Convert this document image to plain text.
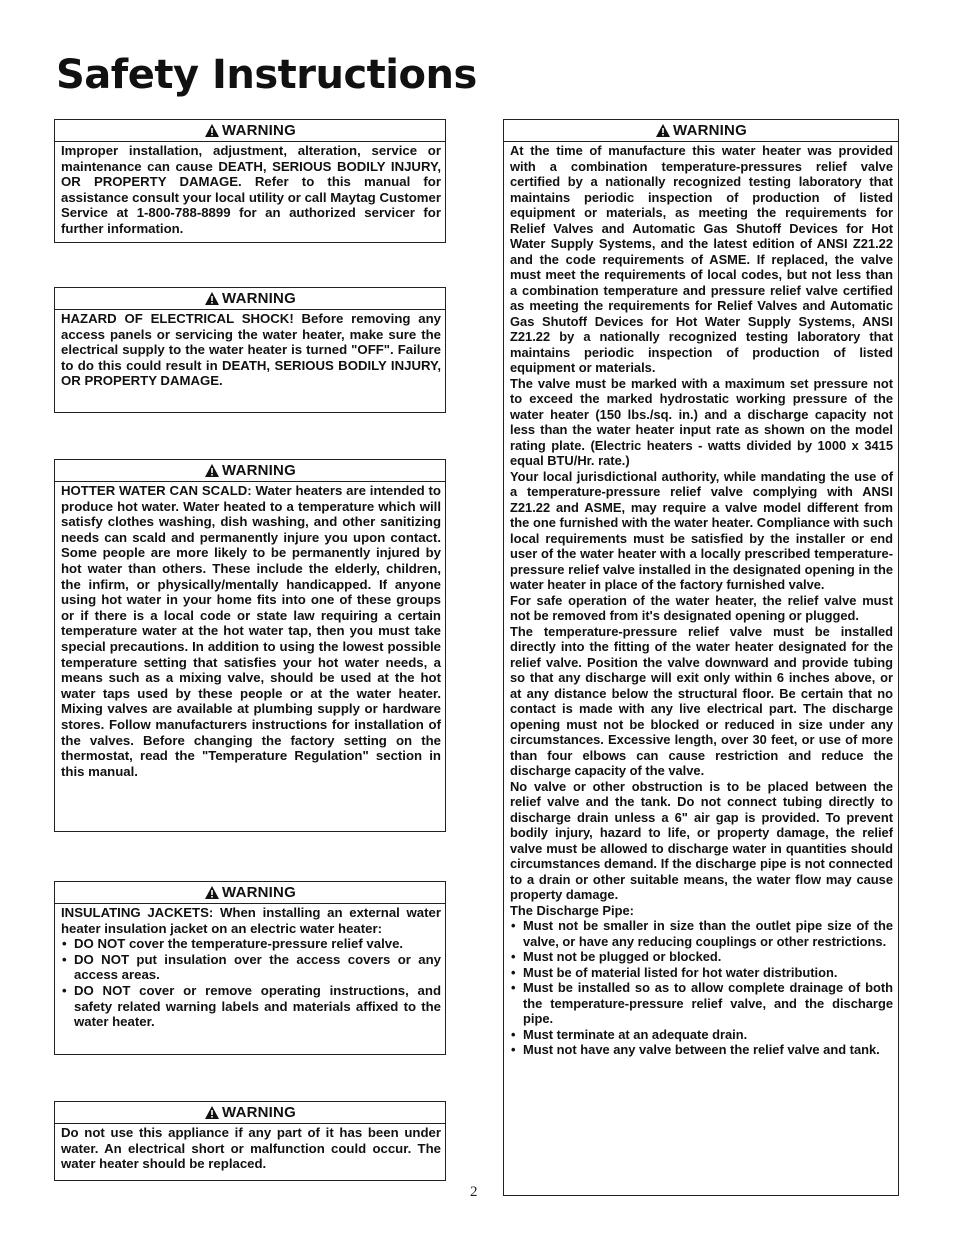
Safety Instructions
WARNING

Improper installation, adjustment, alteration, service or maintenance can cause DEATH, SERIOUS BODILY INJURY, OR PROPERTY DAMAGE. Refer to this manual for assistance consult your local utility or call Maytag Customer Service at 1-800-788-8899 for an authorized servicer for further information.

WARNING

HAZARD OF ELECTRICAL SHOCK! Before removing any access panels or servicing the water heater, make sure the electrical supply to the water heater is turned "OFF". Failure to do this could result in DEATH, SERIOUS BODILY INJURY, OR PROPERTY DAMAGE.

WARNING

HOTTER WATER CAN SCALD: Water heaters are intended to produce hot water. Water heated to a temperature which will satisfy clothes washing, dish washing, and other sanitizing needs can scald and permanently injure you upon contact. Some people are more likely to be permanently injured by hot water than others. These include the elderly, children, the infirm, or physically/mentally handicapped. If anyone using hot water in your home fits into one of these groups or if there is a local code or state law requiring a certain temperature water at the hot water tap, then you must take special precautions. In addition to using the lowest possible temperature setting that satisfies your hot water needs, a means such as a mixing valve, should be used at the hot water taps used by these people or at the water heater. Mixing valves are available at plumbing supply or hardware stores. Follow manufacturers instructions for installation of the valves. Before changing the factory setting on the thermostat, read the "Temperature Regulation" section in this manual.

WARNING

INSULATING JACKETS: When installing an external water heater insulation jacket on an electric water heater:

• DO NOT cover the temperature-pressure relief valve.
• DO NOT put insulation over the access covers or any access areas.
• DO NOT cover or remove operating instructions, and safety related warning labels and materials affixed to the water heater.
WARNING

Do not use this appliance if any part of it has been under water. An electrical short or malfunction could occur. The water heater should be replaced.

WARNING

At the time of manufacture this water heater was provided with a combination temperature-pressures relief valve certified by a nationally recognized testing laboratory that maintains periodic inspection of production of listed equipment or materials, as meeting the requirements for Relief Valves and Automatic Gas Shutoff Devices for Hot Water Supply Systems, and the latest edition of ANSI Z21.22 and the code requirements of ASME. If replaced, the valve must meet the requirements of local codes, but not less than a combination temperature and pressure relief valve certified as meeting the requirements for Relief Valves and Automatic Gas Shutoff Devices for Hot Water Supply Systems, ANSI Z21.22 by a nationally recognized testing laboratory that maintains periodic inspection of production of listed equipment or materials.

The valve must be marked with a maximum set pressure not to exceed the marked hydrostatic working pressure of the water heater (150 lbs./sq. in.) and a discharge capacity not less than the water heater input rate as shown on the model rating plate. (Electric heaters - watts divided by 1000 x 3415 equal BTU/Hr. rate.)

Your local jurisdictional authority, while mandating the use of a temperature-pressure relief valve complying with ANSI Z21.22 and ASME, may require a valve model different from the one furnished with the water heater. Compliance with such local requirements must be satisfied by the installer or end user of the water heater with a locally prescribed temperature-pressure relief valve installed in the designated opening in the water heater in place of the factory furnished valve.

For safe operation of the water heater, the relief valve must not be removed from it's designated opening or plugged.

The temperature-pressure relief valve must be installed directly into the fitting of the water heater designated for the relief valve. Position the valve downward and provide tubing so that any discharge will exit only within 6 inches above, or at any distance below the structural floor. Be certain that no contact is made with any live electrical part. The discharge opening must not be blocked or reduced in size under any circumstances. Excessive length, over 30 feet, or use of more than four elbows can cause restriction and reduce the discharge capacity of the valve.

No valve or other obstruction is to be placed between the relief valve and the tank. Do not connect tubing directly to discharge drain unless a 6" air gap is provided. To prevent bodily injury, hazard to life, or property damage, the relief valve must be allowed to discharge water in quantities should circumstances demand. If the discharge pipe is not connected to a drain or other suitable means, the water flow may cause property damage.

The Discharge Pipe:

• Must not be smaller in size than the outlet pipe size of the valve, or have any reducing couplings or other restrictions.
• Must not be plugged or blocked.
• Must be of material listed for hot water distribution.
• Must be installed so as to allow complete drainage of both the temperature-pressure relief valve, and the discharge pipe.
• Must terminate at an adequate drain.
• Must not have any valve between the relief valve and tank.
2
